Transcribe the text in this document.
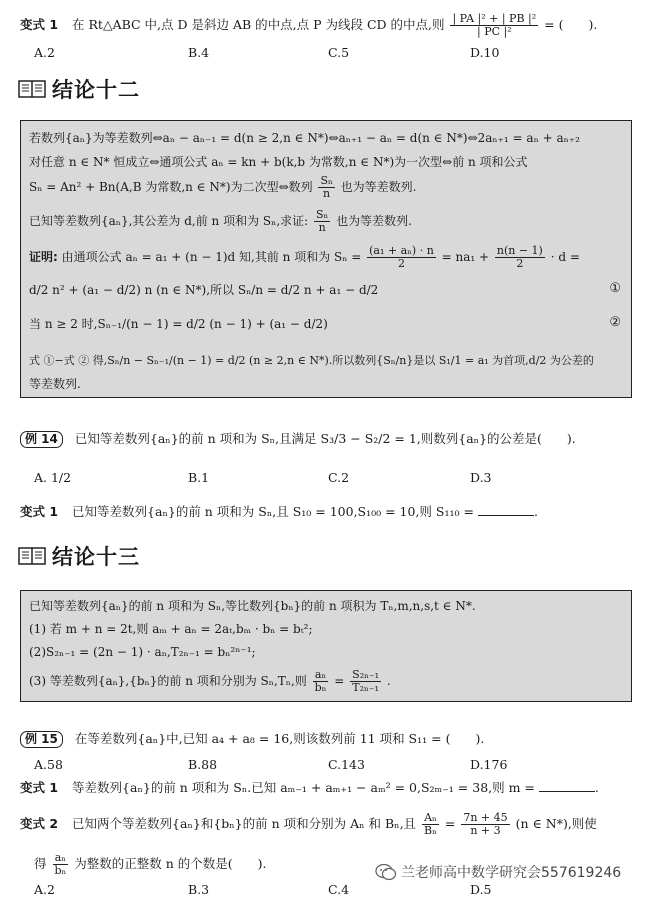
变式 1 在 Rt△ABC 中,点 D 是斜边 AB 的中点,点 P 为线段 CD 的中点,则 $\frac{\text{| PA |² + | PB |²}}{\text{| PC |²}}$ = (　　).
A.2	B.4	C.5	D.10
结论十二
若数列{aₙ}为等差数列⇔aₙ − aₙ₋₁ = d(n ≥ 2,n ∈ N*)⇔aₙ₊₁ − aₙ = d(n ∈ N*)⇔2aₙ₊₁ = aₙ + aₙ₊₂
对任意 n ∈ N* 恒成立⇔通项公式 aₙ = kn + b(k,b 为常数,n ∈ N*)为一次型⇔前 n 项和公式
Sₙ = An² + Bn(A,B 为常数,n ∈ N*)为二次型⇔数列 $\frac{\text{Sₙ}}{n}$ 也为等差数列.
已知等差数列{aₙ},其公差为 d,前 n 项和为 Sₙ,求证: $\frac{\text{Sₙ}}{n}$ 也为等差数列.
证明: 由通项公式 aₙ = a₁ + (n − 1)d 知,其前 n 项和为 $S_n = \frac{\text{(a₁ + aₙ) · n}}{2} = na_1 + \frac{n(n - 1)}{2} \cdot d$ =
d/2 n² + (a₁ − d/2) n (n ∈ N*),所以 Sₙ/n = d/2 n + a₁ − d/2	①
当 n ≥ 2 时,Sₙ₋₁/(n − 1) = d/2 (n − 1) + (a₁ − d/2)	②
式 ①−式 ② 得,Sₙ/n − Sₙ₋₁/(n − 1) = d/2 (n ≥ 2,n ∈ N*).所以数列{Sₙ/n}是以 S₁/1 = a₁ 为首项,d/2 为公差的
等差数列.
例 14 已知等差数列{aₙ}的前 n 项和为 Sₙ,且满足 S₃/3 − S₂/2 = 1,则数列{aₙ}的公差是(　　).
A. 1/2	B.1	C.2	D.3
变式 1 已知等差数列{aₙ}的前 n 项和为 Sₙ,且 S₁₀ = 100,S₁₀₀ = 10,则 S₁₁₀ =	.
结论十三
已知等差数列{aₙ}的前 n 项和为 Sₙ,等比数列{bₙ}的前 n 项积为 Tₙ,m,n,s,t ∈ N*.
(1) 若 m + n = 2t,则 aₘ + aₙ = 2aₜ,bₘ · bₙ = bₜ²;
(2)S₂ₙ₋₁ = (2n − 1) · aₙ,T₂ₙ₋₁ = bₙ²ⁿ⁻¹;
(3) 等差数列{aₙ},{bₙ}的前 n 项和分别为 Sₙ,Tₙ,则 $\frac{\text{aₙ}}{\text{bₙ}} = \frac{\text{S₂ₙ₋₁}}{\text{T₂ₙ₋₁}}$ .
例 15 在等差数列{aₙ}中,已知 a₄ + a₈ = 16,则该数列前 11 项和 S₁₁ = (　　).
A.58	B.88	C.143	D.176
变式 1 等差数列{aₙ}的前 n 项和为 Sₙ.已知 aₘ₋₁ + aₘ₊₁ − aₘ² = 0,S₂ₘ₋₁ = 38,则 m =	.
变式 2 已知两个等差数列{aₙ}和{bₙ}的前 n 项和分别为 Aₙ 和 Bₙ,且 $\frac{\text{Aₙ}}{\text{Bₙ}} = \frac{7n + 45}{n + 3} (n$ ∈ N*),则使
得 $\frac{\text{aₙ}}{\text{bₙ}}$ 为整数的正整数 n 的个数是(　　).
A.2	B.3	C.4	D.5
兰老师高中数学研究会557619246
